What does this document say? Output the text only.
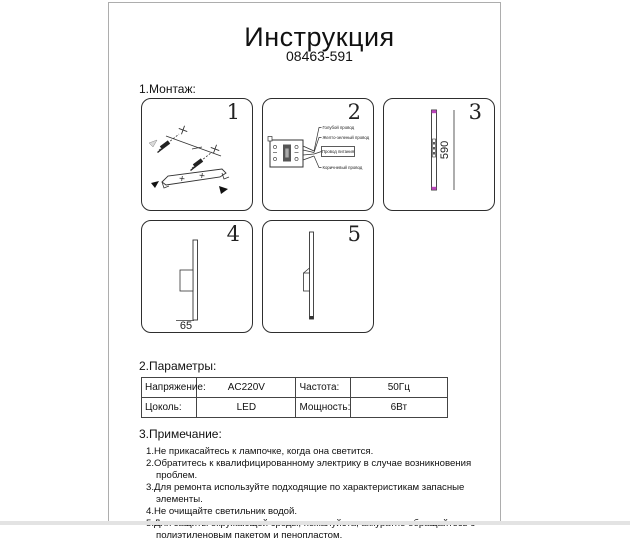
Инструкция
08463-591
1.Монтаж:
1
Голубой провод
Желто-зеленый провод
Провод питания
Коричневый провод
2
590
3
65
4	5
2.Параметры:
Напряжение:	AC220V	Частота:	50Гц
Цоколь:	LED	Мощность:	6Вт
3.Примечание:
1.Не прикасайтесь к лампочке, когда она светится.
2.Обратитесь к квалифицированному электрику в случае возникновения проблем.
3.Для ремонта используйте подходящие по характеристикам запасные элементы.
4.Не очищайте светильник водой.
полиэтиленовым пакетом и пенопластом.
